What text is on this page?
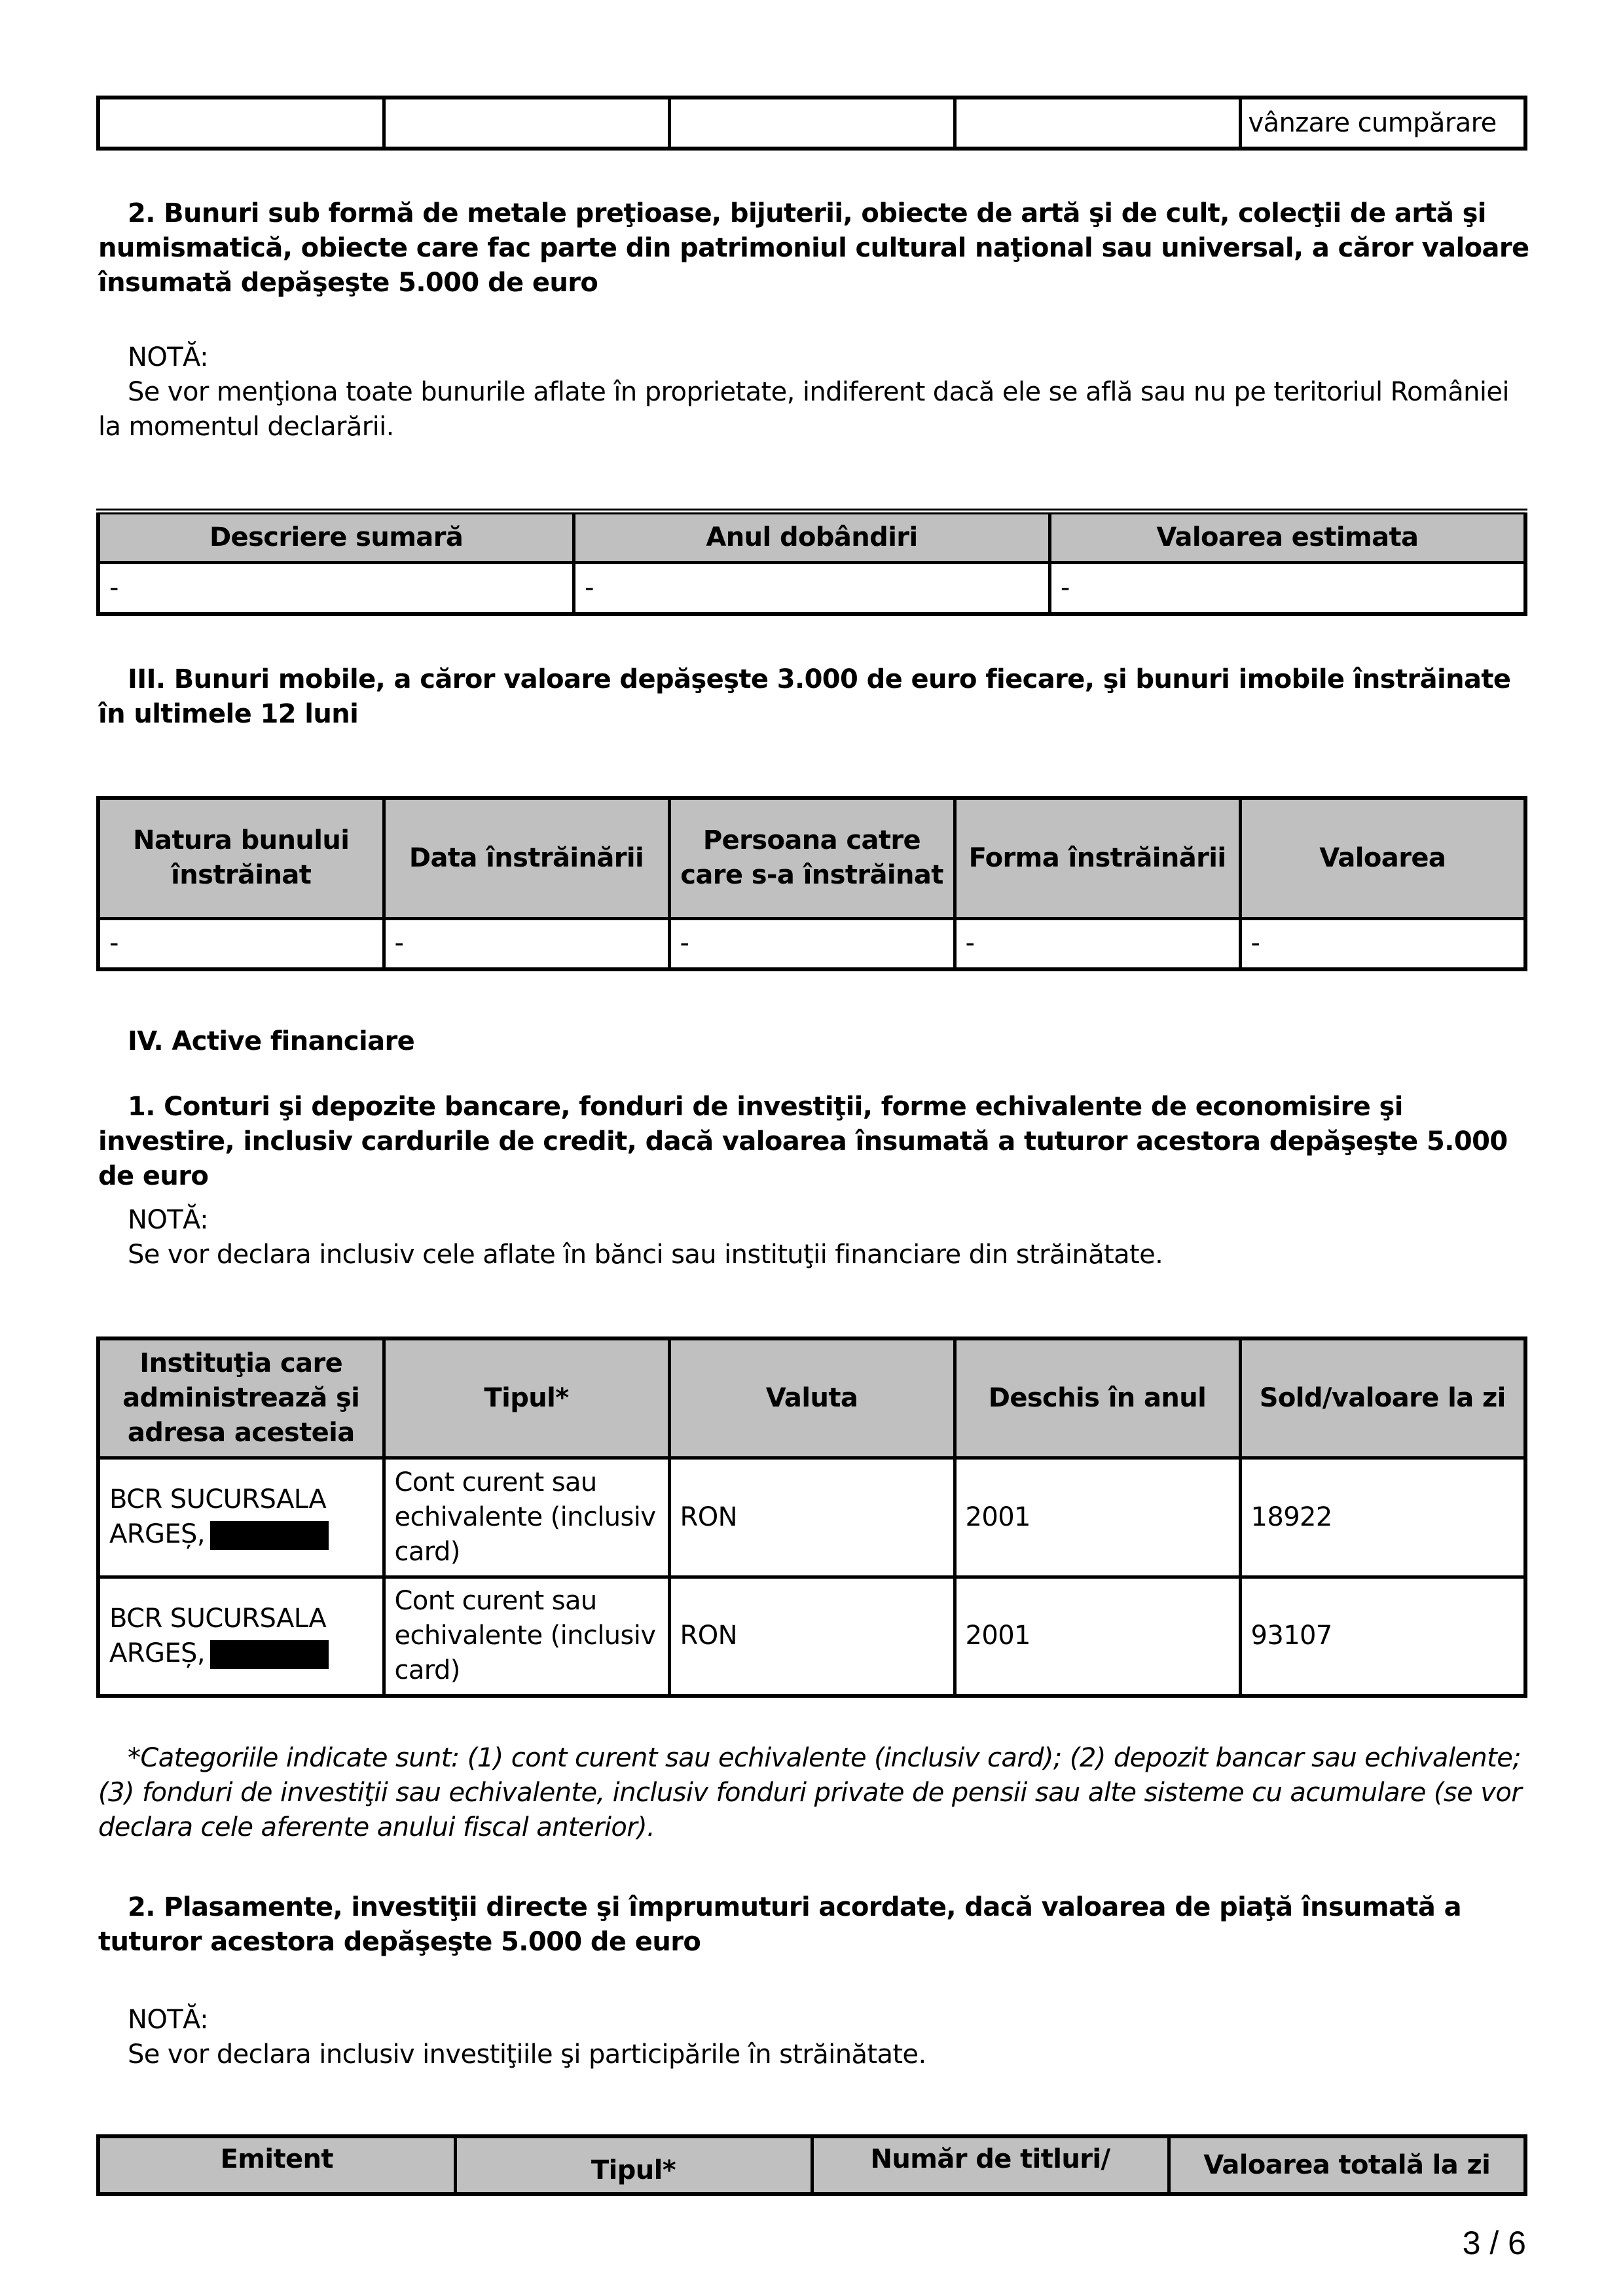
				vânzare cumpărare
2. Bunuri sub formă de metale preţioase, bijuterii, obiecte de artă şi de cult, colecţii de artă şi numismatică, obiecte care fac parte din patrimoniul cultural naţional sau universal, a căror valoare însumată depăşeşte 5.000 de euro
NOTĂ:
Se vor menţiona toate bunurile aflate în proprietate, indiferent dacă ele se află sau nu pe teritoriul României la momentul declarării.
Descriere sumară	Anul dobândiri	Valoarea estimata
-	-	-
III. Bunuri mobile, a căror valoare depăşeşte 3.000 de euro fiecare, şi bunuri imobile înstrăinate în ultimele 12 luni
Natura bunului înstrăinat	Data înstrăinării	Persoana catre care s-a înstrăinat	Forma înstrăinării	Valoarea
-	-	-	-	-
IV. Active financiare
1. Conturi şi depozite bancare, fonduri de investiţii, forme echivalente de economisire şi investire, inclusiv cardurile de credit, dacă valoarea însumată a tuturor acestora depăşeşte 5.000 de euro
NOTĂ:
Se vor declara inclusiv cele aflate în bănci sau instituţii financiare din străinătate.
Instituţia care administrează şi adresa acesteia	Tipul*	Valuta	Deschis în anul	Sold/valoare la zi
BCR SUCURSALA ARGEȘ,	Cont curent sau echivalente (inclusiv card)	RON	2001	18922
BCR SUCURSALA ARGEȘ,	Cont curent sau echivalente (inclusiv card)	RON	2001	93107
*Categoriile indicate sunt: (1) cont curent sau echivalente (inclusiv card); (2) depozit bancar sau echivalente; (3) fonduri de investiţii sau echivalente, inclusiv fonduri private de pensii sau alte sisteme cu acumulare (se vor declara cele aferente anului fiscal anterior).
2. Plasamente, investiţii directe şi împrumuturi acordate, dacă valoarea de piaţă însumată a tuturor acestora depăşeşte 5.000 de euro
NOTĂ:
Se vor declara inclusiv investiţiile şi participările în străinătate.
Emitent	Tipul*	Număr de titluri/	Valoarea totală la zi
3 / 6
